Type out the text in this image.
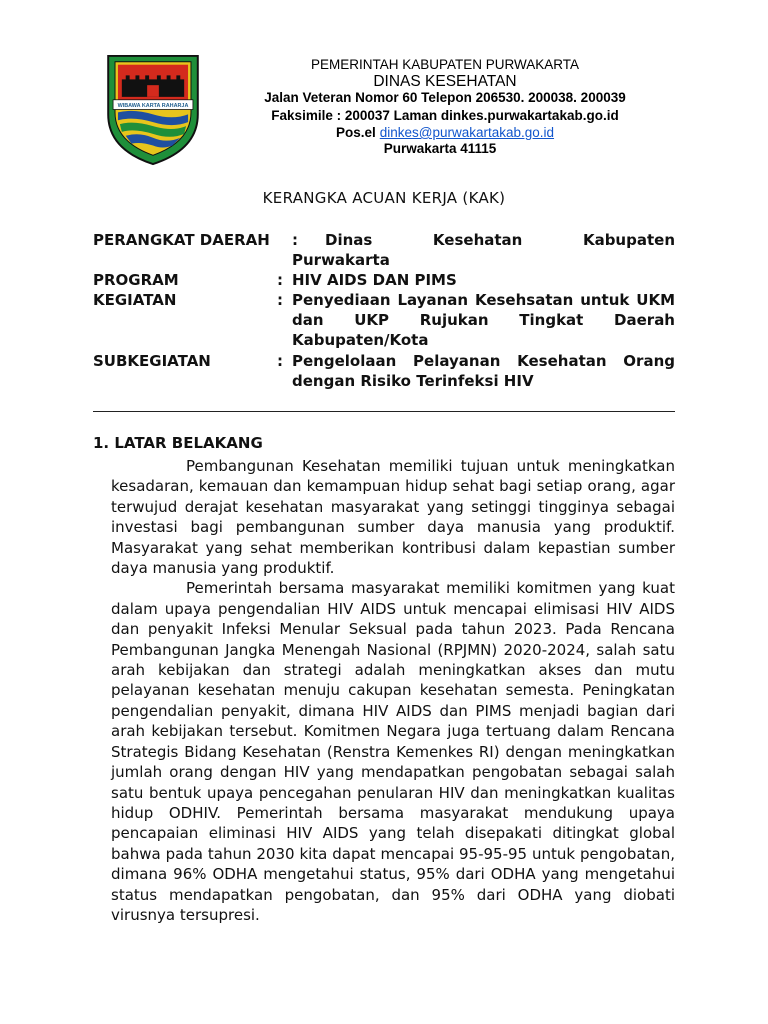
WIBAWA KARTA RAHARJA
PEMERINTAH KABUPATEN PURWAKARTA
DINAS KESEHATAN
Jalan Veteran Nomor 60 Telepon 206530. 200038. 200039
Faksimile : 200037 Laman dinkes.purwakartakab.go.id
Pos.el dinkes@purwakartakab.go.id
Purwakarta 41115
KERANGKA ACUAN KERJA (KAK)
PERANGKAT DAERAH : Dinas Kesehatan Kabupaten
Purwakarta
PROGRAM	: HIV AIDS DAN PIMS
KEGIATAN	: Penyediaan Layanan Kesehsatan untuk UKM dan UKP Rujukan Tingkat Daerah Kabupaten/Kota
SUBKEGIATAN	: Pengelolaan Pelayanan Kesehatan Orang dengan Risiko Terinfeksi HIV
1. LATAR BELAKANG

Pembangunan Kesehatan memiliki tujuan untuk meningkatkan kesadaran, kemauan dan kemampuan hidup sehat bagi setiap orang, agar terwujud derajat kesehatan masyarakat yang setinggi tingginya sebagai investasi bagi pembangunan sumber daya manusia yang produktif. Masyarakat yang sehat memberikan kontribusi dalam kepastian sumber daya manusia yang produktif.

Pemerintah bersama masyarakat memiliki komitmen yang kuat dalam upaya pengendalian HIV AIDS untuk mencapai elimisasi HIV AIDS dan penyakit Infeksi Menular Seksual pada tahun 2023. Pada Rencana Pembangunan Jangka Menengah Nasional (RPJMN) 2020-2024, salah satu arah kebijakan dan strategi adalah meningkatkan akses dan mutu pelayanan kesehatan menuju cakupan kesehatan semesta. Peningkatan pengendalian penyakit, dimana HIV AIDS dan PIMS menjadi bagian dari arah kebijakan tersebut. Komitmen Negara juga tertuang dalam Rencana Strategis Bidang Kesehatan (Renstra Kemenkes RI) dengan meningkatkan jumlah orang dengan HIV yang mendapatkan pengobatan sebagai salah satu bentuk upaya pencegahan penularan HIV dan meningkatkan kualitas hidup ODHIV. Pemerintah bersama masyarakat mendukung upaya pencapaian eliminasi HIV AIDS yang telah disepakati ditingkat global bahwa pada tahun 2030 kita dapat mencapai 95-95-95 untuk pengobatan, dimana 96% ODHA mengetahui status, 95% dari ODHA yang mengetahui status mendapatkan pengobatan, dan 95% dari ODHA yang diobati virusnya tersupresi.
